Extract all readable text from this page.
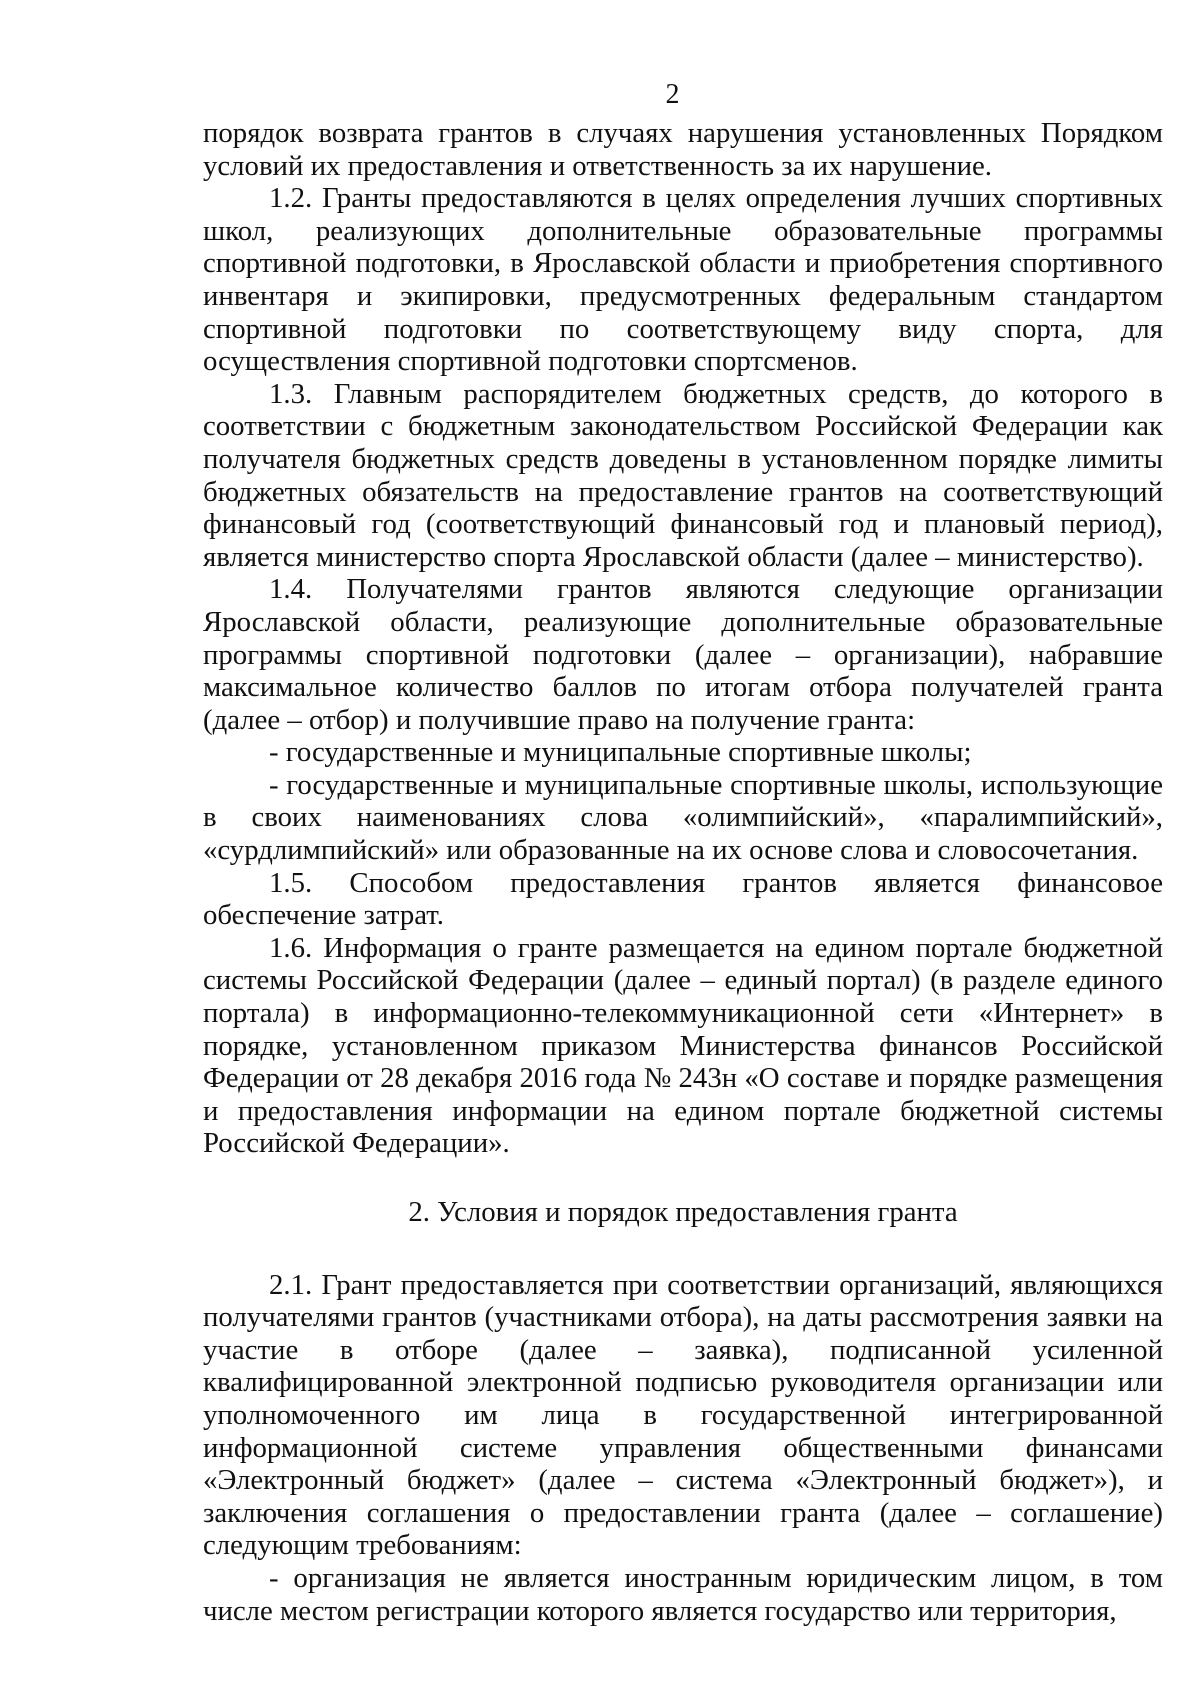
2

порядок возврата грантов в случаях нарушения установленных Порядком условий их предоставления и ответственность за их нарушение.

1.2. Гранты предоставляются в целях определения лучших спортивных школ, реализующих дополнительные образовательные программы спортивной подготовки, в Ярославской области и приобретения спортивного инвентаря и экипировки, предусмотренных федеральным стандартом спортивной подготовки по соответствующему виду спорта, для осуществления спортивной подготовки спортсменов.

1.3. Главным распорядителем бюджетных средств, до которого в соответствии с бюджетным законодательством Российской Федерации как получателя бюджетных средств доведены в установленном порядке лимиты бюджетных обязательств на предоставление грантов на соответствующий финансовый год (соответствующий финансовый год и плановый период), является министерство спорта Ярославской области (далее – министерство).

1.4. Получателями грантов являются следующие организации Ярославской области, реализующие дополнительные образовательные программы спортивной подготовки (далее – организации), набравшие максимальное количество баллов по итогам отбора получателей гранта (далее – отбор) и получившие право на получение гранта:

- государственные и муниципальные спортивные школы;

- государственные и муниципальные спортивные школы, использующие в своих наименованиях слова «олимпийский», «паралимпийский», «сурдлимпийский» или образованные на их основе слова и словосочетания.

1.5. Способом предоставления грантов является финансовое обеспечение затрат.

1.6. Информация о гранте размещается на едином портале бюджетной системы Российской Федерации (далее – единый портал) (в разделе единого портала) в информационно-телекоммуникационной сети «Интернет» в порядке, установленном приказом Министерства финансов Российской Федерации от 28 декабря 2016 года № 243н «О составе и порядке размещения и предоставления информации на едином портале бюджетной системы Российской Федерации».

2. Условия и порядок предоставления гранта

2.1. Грант предоставляется при соответствии организаций, являющихся получателями грантов (участниками отбора), на даты рассмотрения заявки на участие в отборе (далее – заявка), подписанной усиленной квалифицированной электронной подписью руководителя организации или уполномоченного им лица в государственной интегрированной информационной системе управления общественными финансами «Электронный бюджет» (далее – система «Электронный бюджет»), и заключения соглашения о предоставлении гранта (далее – соглашение) следующим требованиям:

- организация не является иностранным юридическим лицом, в том числе местом регистрации которого является государство или территория,
